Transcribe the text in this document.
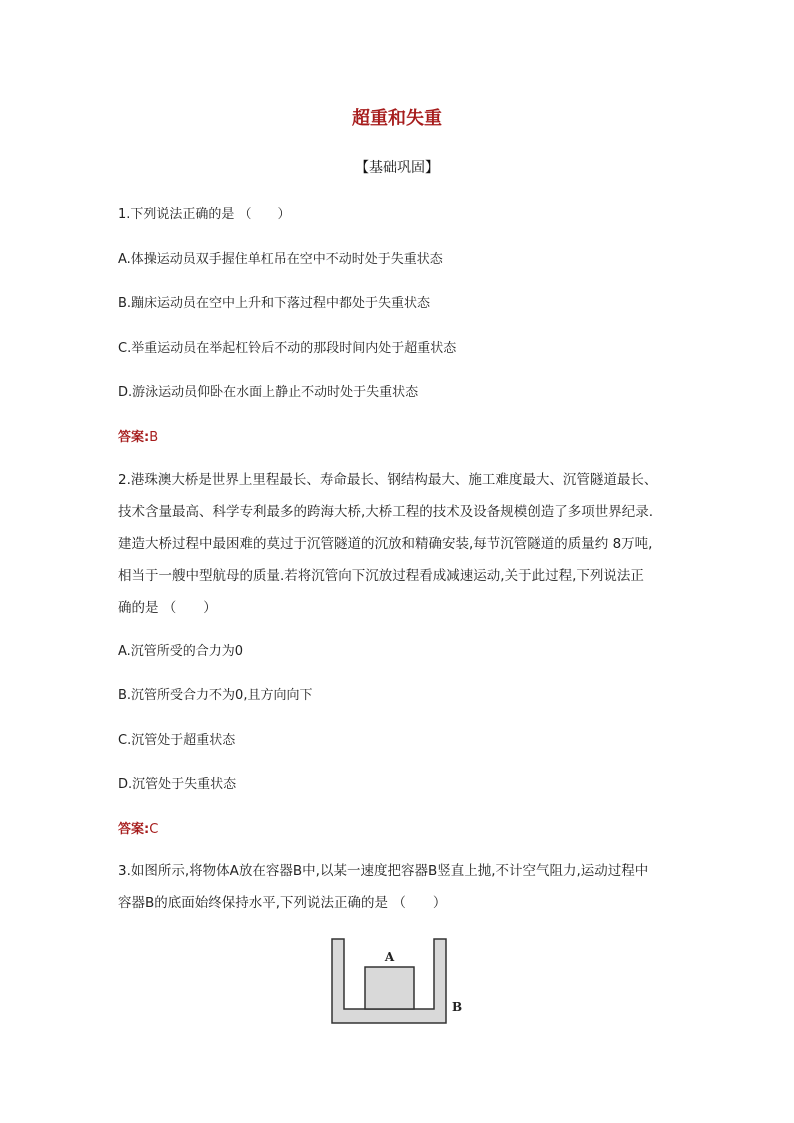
超重和失重
【基础巩固】
1.下列说法正确的是 （　　）
A.体操运动员双手握住单杠吊在空中不动时处于失重状态
B.蹦床运动员在空中上升和下落过程中都处于失重状态
C.举重运动员在举起杠铃后不动的那段时间内处于超重状态
D.游泳运动员仰卧在水面上静止不动时处于失重状态
答案:B
2.港珠澳大桥是世界上里程最长、寿命最长、钢结构最大、施工难度最大、沉管隧道最长、
技术含量最高、科学专利最多的跨海大桥,大桥工程的技术及设备规模创造了多项世界纪录.
建造大桥过程中最困难的莫过于沉管隧道的沉放和精确安装,每节沉管隧道的质量约 8万吨,
相当于一艘中型航母的质量.若将沉管向下沉放过程看成减速运动,关于此过程,下列说法正
确的是 （　　）
A.沉管所受的合力为0
B.沉管所受合力不为0,且方向向下
C.沉管处于超重状态
D.沉管处于失重状态
答案:C
3.如图所示,将物体A放在容器B中,以某一速度把容器B竖直上抛,不计空气阻力,运动过程中
容器B的底面始终保持水平,下列说法正确的是 （　　）
A
B
